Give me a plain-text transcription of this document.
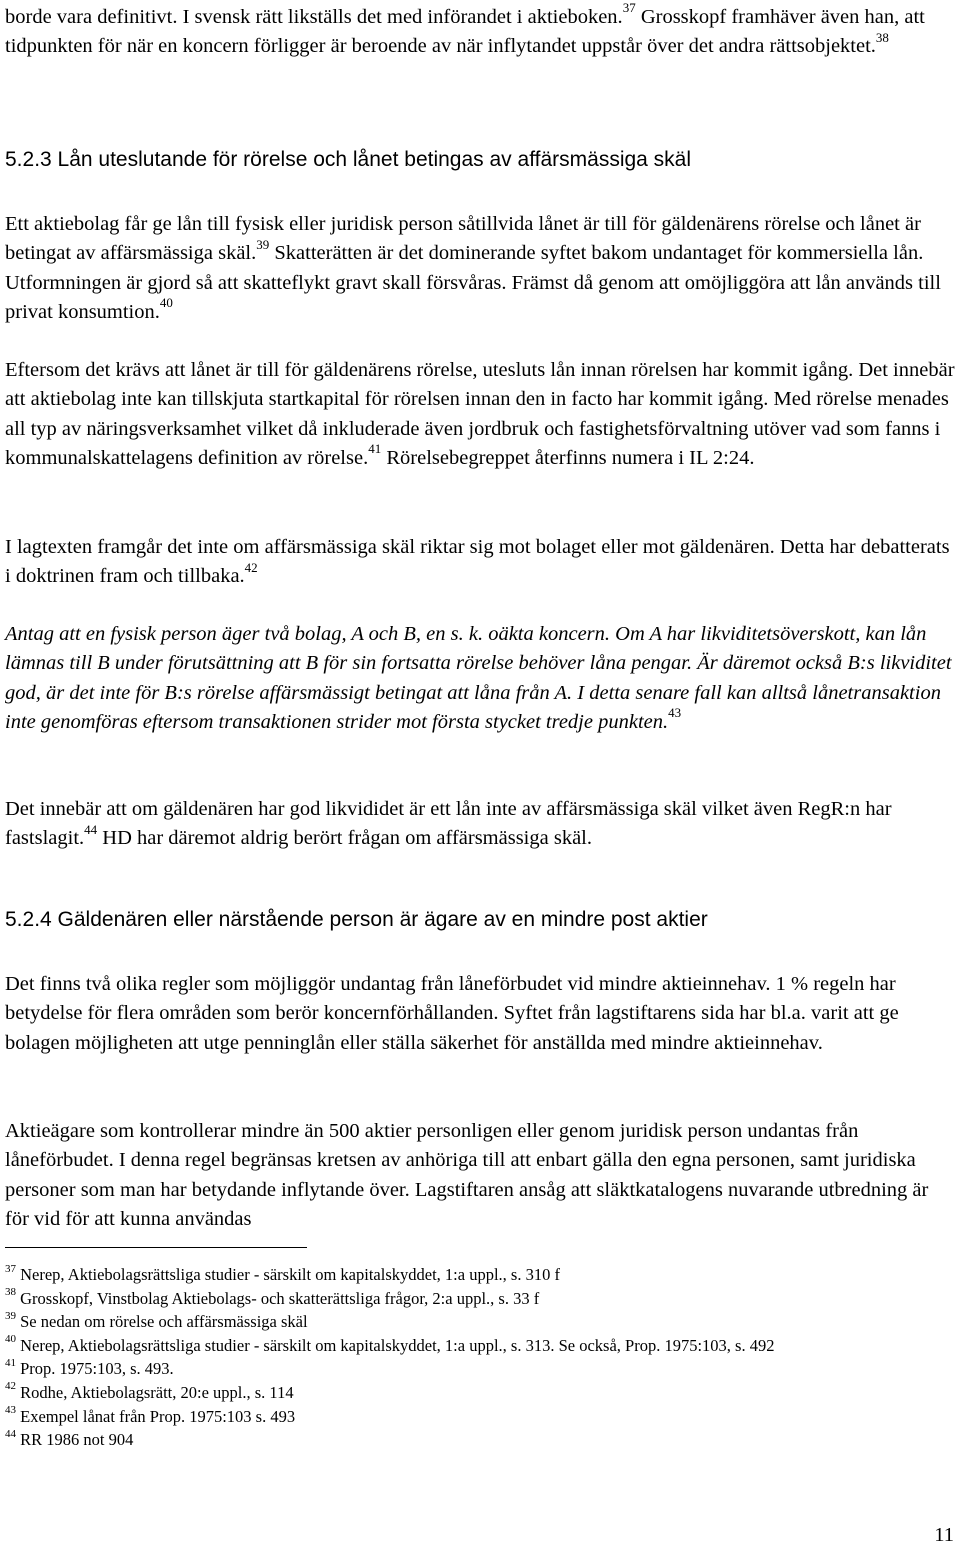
borde vara definitivt. I svensk rätt likställs det med införandet i aktieboken.$^{37}$ Grosskopf framhäver även han, att tidpunkten för när en koncern förligger är beroende av när inflytandet uppstår över det andra rättsobjektet.$^{38}$

5.2.3 Lån uteslutande för rörelse och lånet betingas av affärsmässiga skäl

Ett aktiebolag får ge lån till fysisk eller juridisk person såtillvida lånet är till för gäldenärens rörelse och lånet är betingat av affärsmässiga skäl.$^{39}$ Skatterätten är det dominerande syftet bakom undantaget för kommersiella lån. Utformningen är gjord så att skatteflykt gravt skall försvåras. Främst då genom att omöjliggöra att lån används till privat konsumtion.$^{40}$

Eftersom det krävs att lånet är till för gäldenärens rörelse, utesluts lån innan rörelsen har kommit igång. Det innebär att aktiebolag inte kan tillskjuta startkapital för rörelsen innan den in facto har kommit igång. Med rörelse menades all typ av näringsverksamhet vilket då inkluderade även jordbruk och fastighetsförvaltning utöver vad som fanns i kommunalskattelagens definition av rörelse.$^{41}$ Rörelsebegreppet återfinns numera i IL 2:24.

I lagtexten framgår det inte om affärsmässiga skäl riktar sig mot bolaget eller mot gäldenären. Detta har debatterats i doktrinen fram och tillbaka.$^{42}$

Antag att en fysisk person äger två bolag, A och B, en s. k. oäkta koncern. Om A har likviditetsöverskott, kan lån lämnas till B under förutsättning att B för sin fortsatta rörelse behöver låna pengar. Är däremot också B:s likviditet god, är det inte för B:s rörelse affärsmässigt betingat att låna från A. I detta senare fall kan alltså lånetransaktion inte genomföras eftersom transaktionen strider mot första stycket tredje punkten.$^{43}$

Det innebär att om gäldenären har god likvididet är ett lån inte av affärsmässiga skäl vilket även RegR:n har fastslagit.$^{44}$ HD har däremot aldrig berört frågan om affärsmässiga skäl.

5.2.4 Gäldenären eller närstående person är ägare av en mindre post aktier

Det finns två olika regler som möjliggör undantag från låneförbudet vid mindre aktieinnehav. 1 % regeln har betydelse för flera områden som berör koncernförhållanden. Syftet från lagstiftarens sida har bl.a. varit att ge bolagen möjligheten att utge penninglån eller ställa säkerhet för anställda med mindre aktieinnehav.

Aktieägare som kontrollerar mindre än 500 aktier personligen eller genom juridisk person undantas från låneförbudet. I denna regel begränsas kretsen av anhöriga till att enbart gälla den egna personen, samt juridiska personer som man har betydande inflytande över. Lagstiftaren ansåg att släktkatalogens nuvarande utbredning är för vid för att kunna användas

$^{37}$ Nerep, Aktiebolagsrättsliga studier - särskilt om kapitalskyddet, 1:a uppl., s. 310 f
$^{38}$ Grosskopf, Vinstbolag Aktiebolags- och skatterättsliga frågor, 2:a uppl., s. 33 f
$^{39}$ Se nedan om rörelse och affärsmässiga skäl
$^{40}$ Nerep, Aktiebolagsrättsliga studier - särskilt om kapitalskyddet, 1:a uppl., s. 313. Se också, Prop. 1975:103, s. 492
$^{41}$ Prop. 1975:103, s. 493.
$^{42}$ Rodhe, Aktiebolagsrätt, 20:e uppl., s. 114
$^{43}$ Exempel lånat från Prop. 1975:103 s. 493
$^{44}$ RR 1986 not 904
11
